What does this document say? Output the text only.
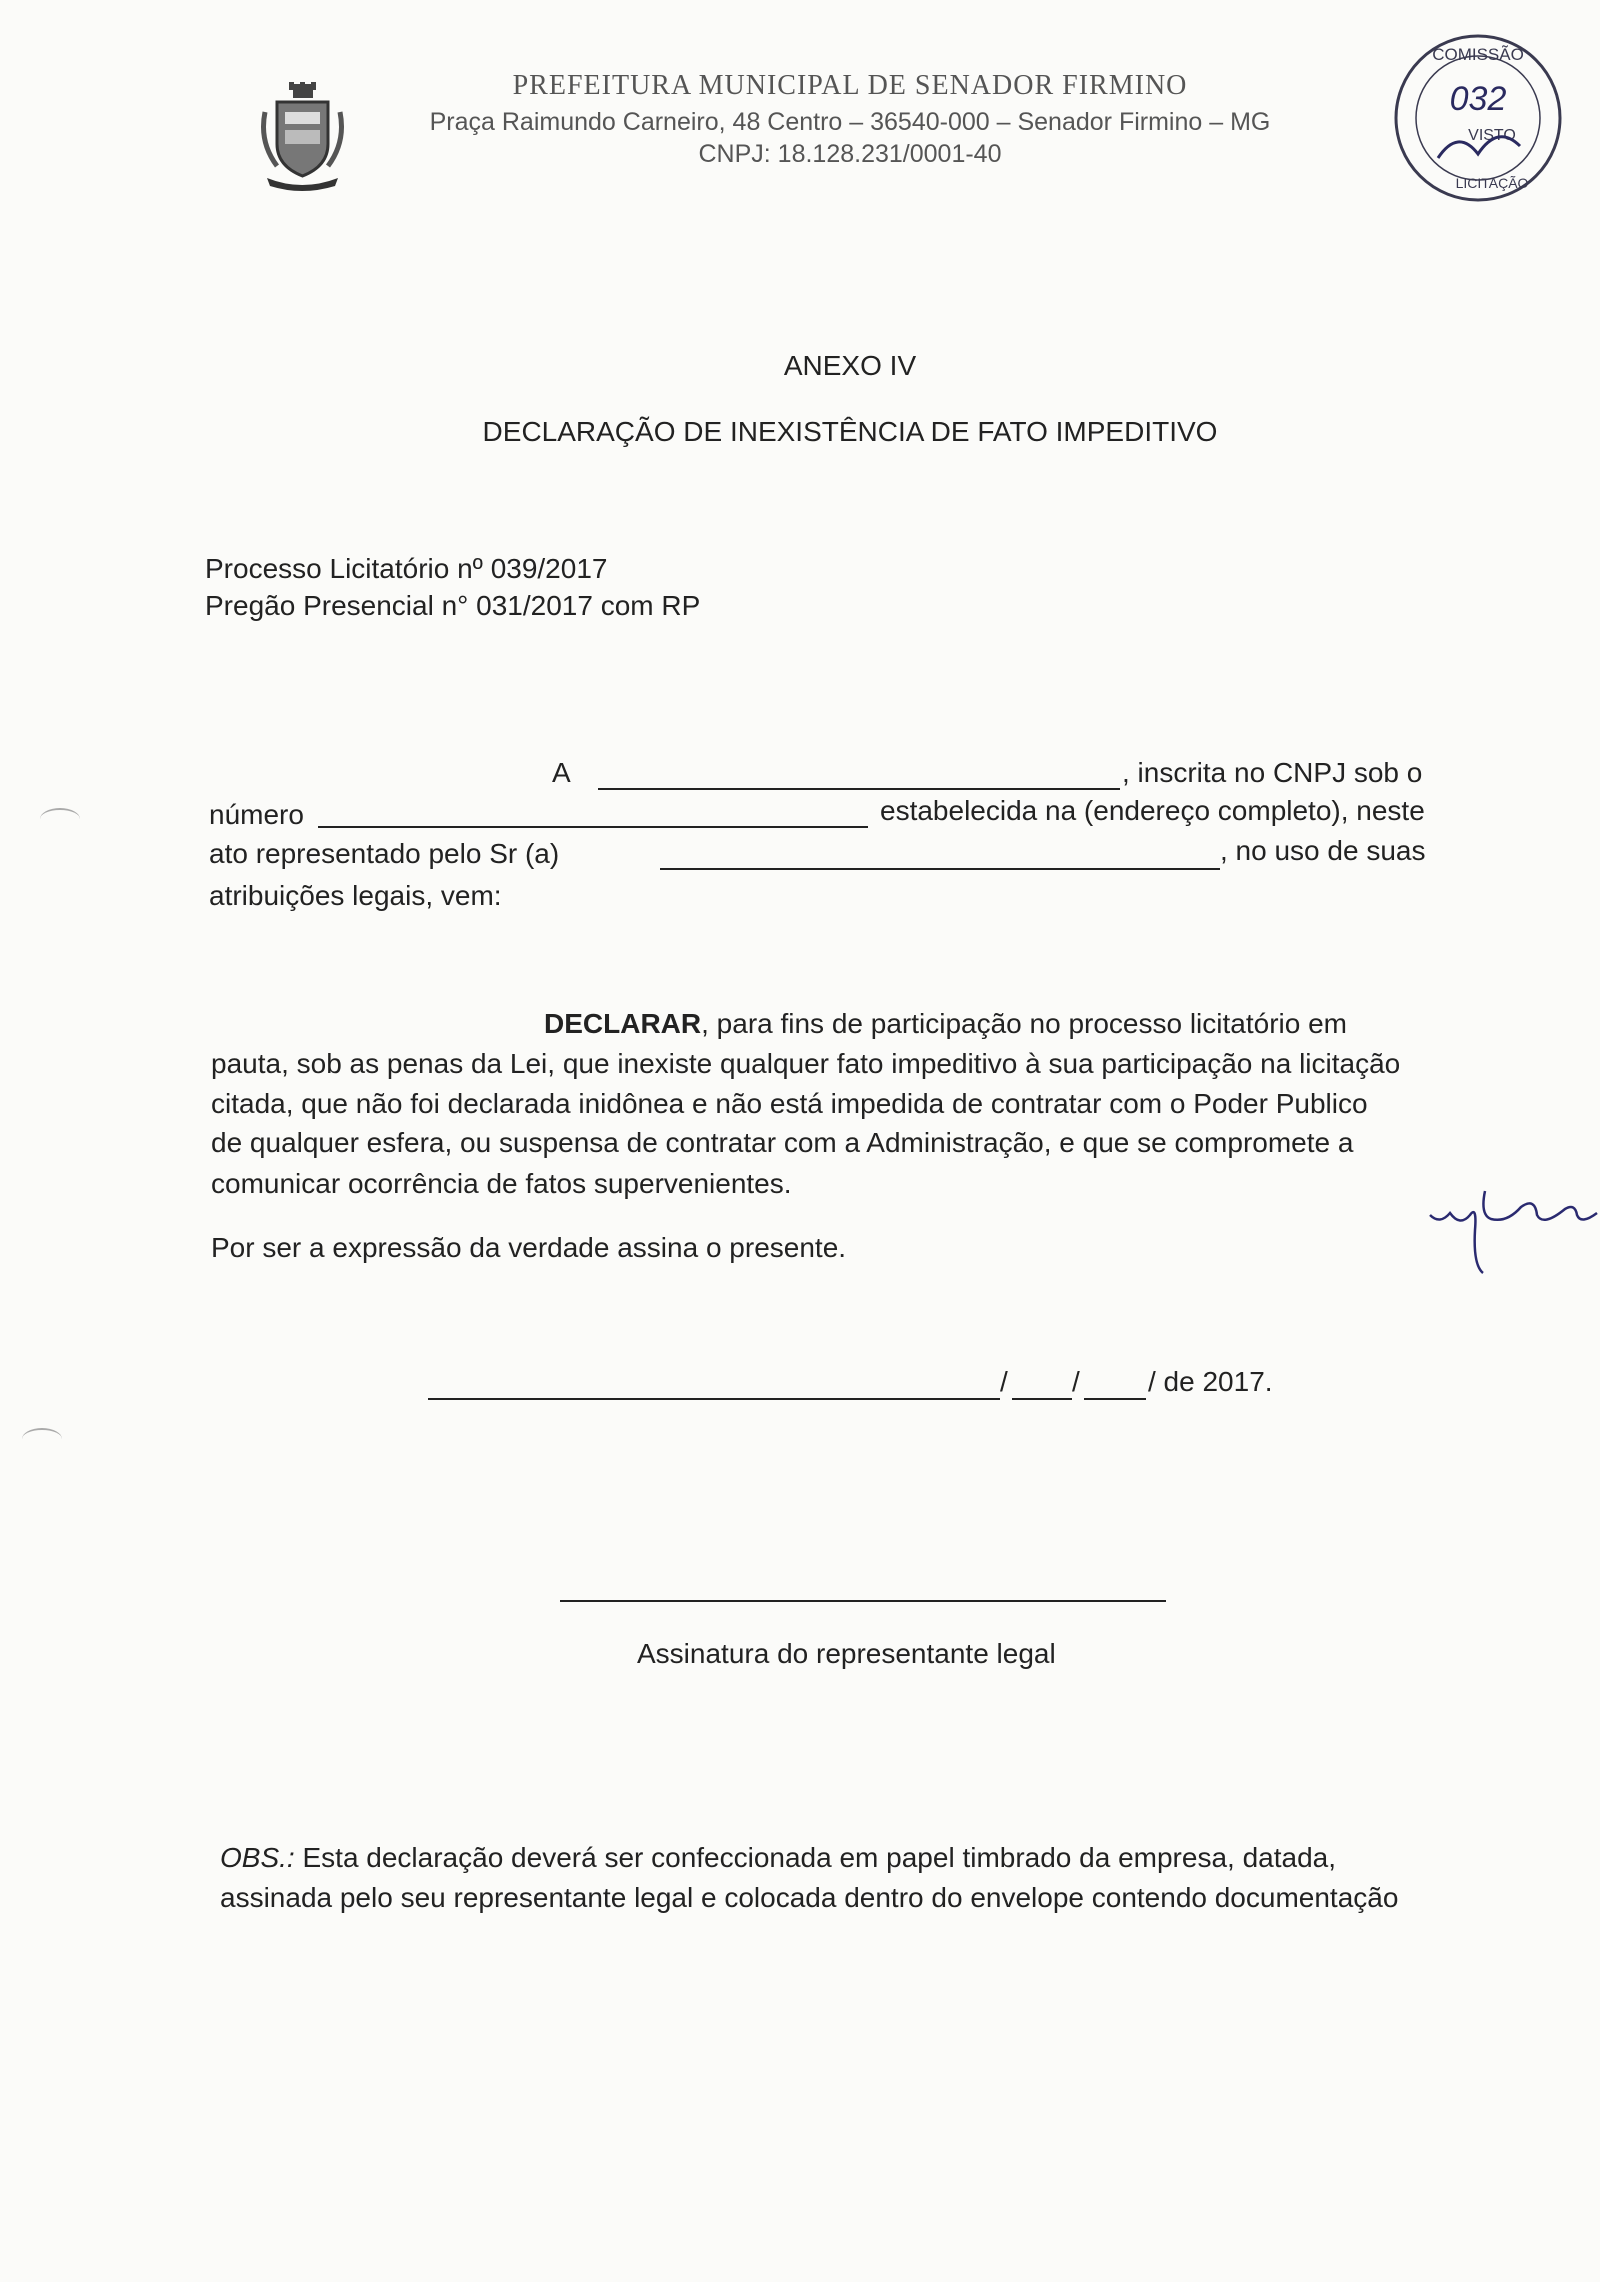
PREFEITURA MUNICIPAL DE SENADOR FIRMINO
Praça Raimundo Carneiro, 48 Centro – 36540-000 – Senador Firmino – MG
CNPJ: 18.128.231/0001-40
COMISSÃO
032
VISTO
LICITAÇÃO
ANEXO IV
DECLARAÇÃO DE INEXISTÊNCIA DE FATO IMPEDITIVO
Processo Licitatório nº 039/2017
Pregão Presencial n° 031/2017 com RP
A	, inscrita no CNPJ sob o
número	estabelecida na (endereço completo), neste
ato representado pelo Sr (a)	, no uso de suas
atribuições legais, vem:
DECLARAR, para fins de participação no processo licitatório em
pauta, sob as penas da Lei, que inexiste qualquer fato impeditivo à sua participação na licitação
citada, que não foi declarada inidônea e não está impedida de contratar com o Poder Publico
de qualquer esfera, ou suspensa de contratar com a Administração, e que se compromete a
comunicar ocorrência de fatos supervenientes.
Por ser a expressão da verdade assina o presente.
/ / / de 2017.
Assinatura do representante legal
OBS.: Esta declaração deverá ser confeccionada em papel timbrado da empresa, datada,
assinada pelo seu representante legal e colocada dentro do envelope contendo documentação
